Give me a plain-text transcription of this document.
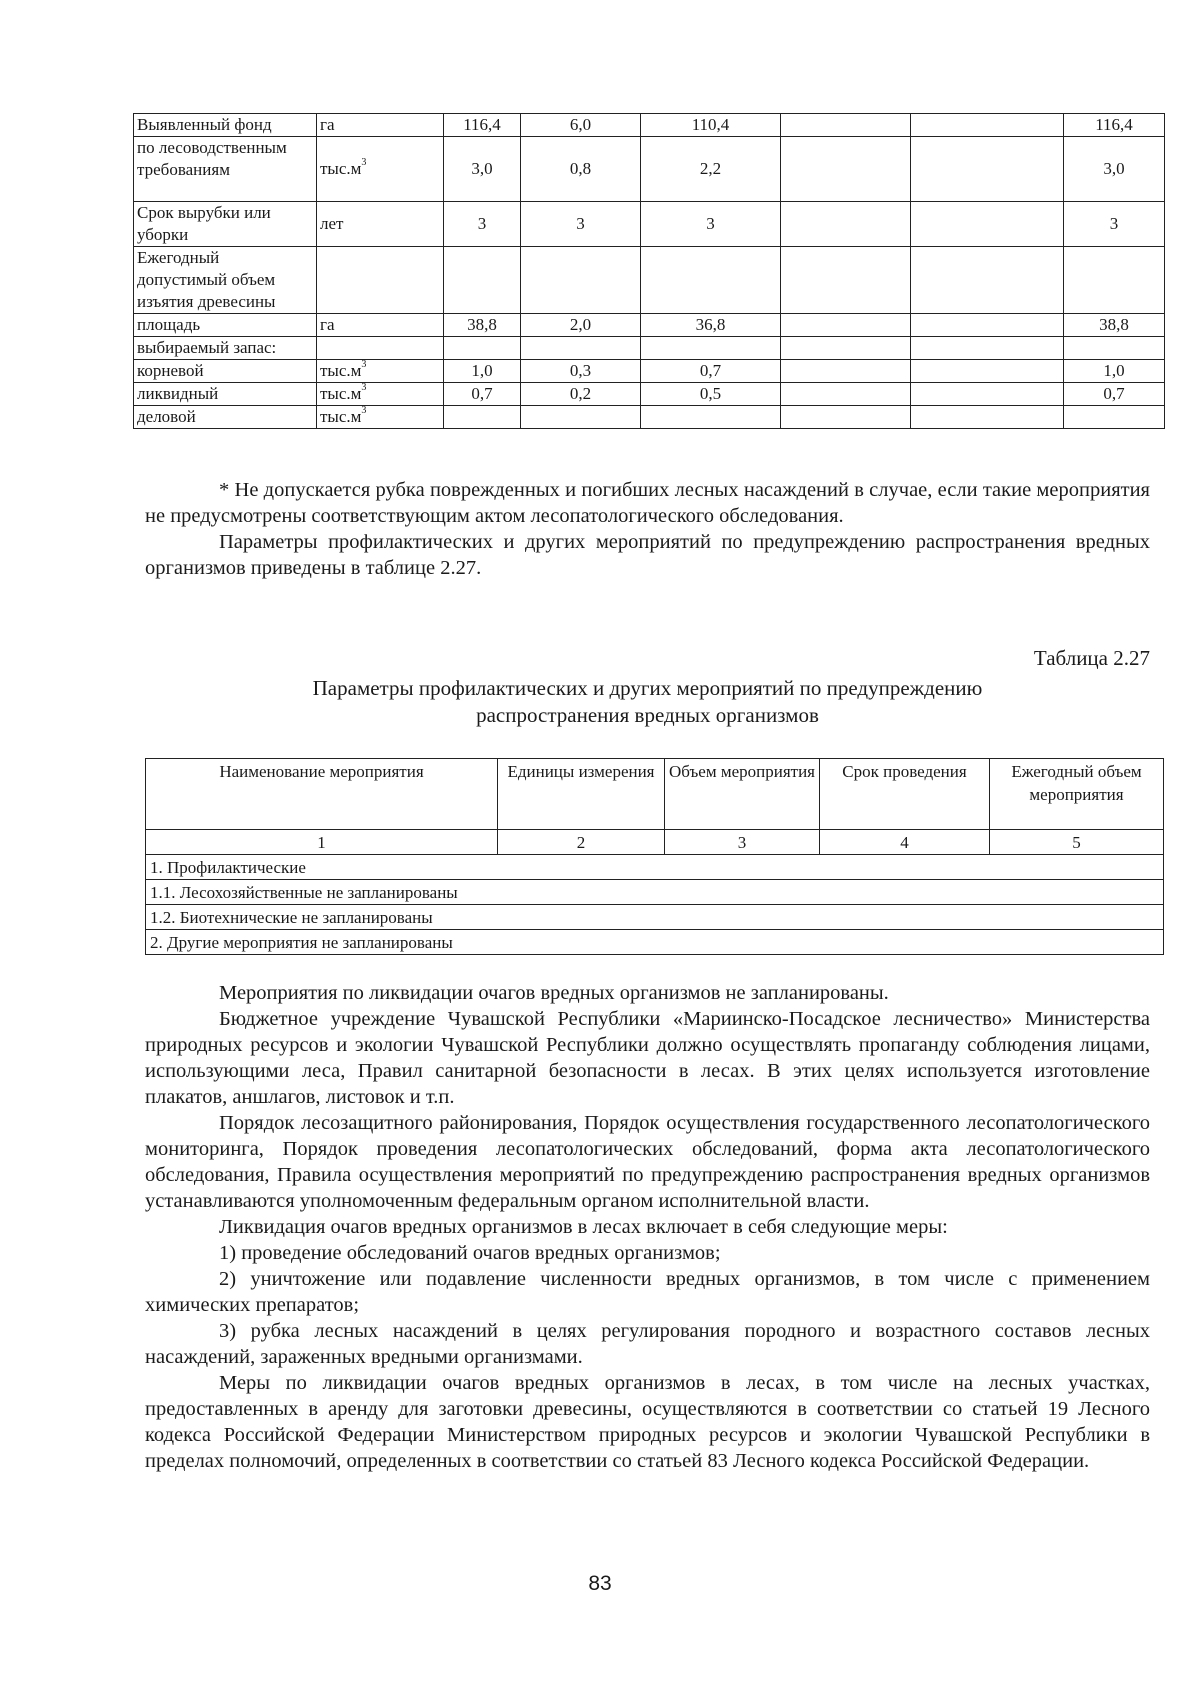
Выявленный фонд	га	116,4	6,0	110,4			116,4
по лесоводственным требованиям	$тыс.м^3$	3,0	0,8	2,2			3,0
Срок вырубки или уборки	лет	3	3	3			3
Ежегодный допустимый объем изъятия древесины							
площадь	га	38,8	2,0	36,8			38,8
выбираемый запас:							
корневой	$тыс.м^3$	1,0	0,3	0,7			1,0
ликвидный	$тыс.м^3$	0,7	0,2	0,5			0,7
деловой	$тыс.м^3$						

* Не допускается рубка поврежденных и погибших лесных насаждений в случае, если такие мероприятия не предусмотрены соответствующим актом лесопатологического обследования.

Параметры профилактических и других мероприятий по предупреждению распространения вредных организмов приведены в таблице 2.27.

Таблица 2.27
Параметры профилактических и других мероприятий по предупреждению
распространения вредных организмов
Наименование мероприятия	Единицы измерения	Объем мероприятия	Срок проведения	Ежегодный объем мероприятия
1	2	3	4	5
1. Профилактические				
1.1. Лесохозяйственные не запланированы				
1.2. Биотехнические не запланированы				
2. Другие мероприятия не запланированы				

Мероприятия по ликвидации очагов вредных организмов не запланированы.

Бюджетное учреждение Чувашской Республики «Мариинско-Посадское лесничество» Министерства природных ресурсов и экологии Чувашской Республики должно осуществлять пропаганду соблюдения лицами, использующими леса, Правил санитарной безопасности в лесах. В этих целях используется изготовление плакатов, аншлагов, листовок и т.п.

Порядок лесозащитного районирования, Порядок осуществления государственного лесопатологического мониторинга, Порядок проведения лесопатологических обследований, форма акта лесопатологического обследования, Правила осуществления мероприятий по предупреждению распространения вредных организмов устанавливаются уполномоченным федеральным органом исполнительной власти.

Ликвидация очагов вредных организмов в лесах включает в себя следующие меры:

1) проведение обследований очагов вредных организмов;

2) уничтожение или подавление численности вредных организмов, в том числе с применением химических препаратов;

3) рубка лесных насаждений в целях регулирования породного и возрастного составов лесных насаждений, зараженных вредными организмами.

Меры по ликвидации очагов вредных организмов в лесах, в том числе на лесных участках, предоставленных в аренду для заготовки древесины, осуществляются в соответствии со статьей 19 Лесного кодекса Российской Федерации Министерством природных ресурсов и экологии Чувашской Республики в пределах полномочий, определенных в соответствии со статьей 83 Лесного кодекса Российской Федерации.

83
